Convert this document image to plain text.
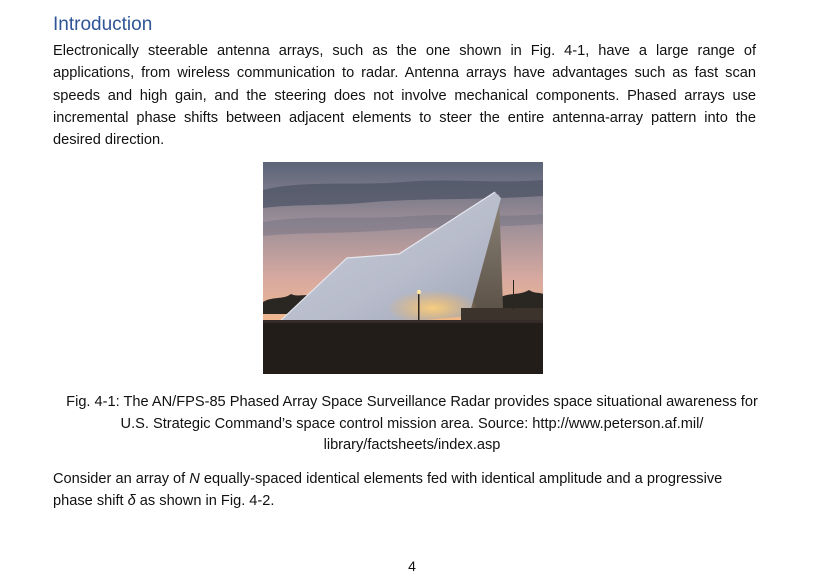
Introduction

Electronically steerable antenna arrays, such as the one shown in Fig. 4-1, have a large range of applications, from wireless communication to radar. Antenna arrays have advantages such as fast scan speeds and high gain, and the steering does not involve mechanical components. Phased arrays use incremental phase shifts between adjacent elements to steer the entire antenna-array pattern into the desired direction.

Fig. 4-1: The AN/FPS-85 Phased Array Space Surveillance Radar provides space situational awareness for
U.S. Strategic Command’s space control mission area. Source: http://www.peterson.af.mil/
library/factsheets/index.asp

Consider an array of N equally-spaced identical elements fed with identical amplitude and a progressive phase shift δ as shown in Fig. 4-2.

4
